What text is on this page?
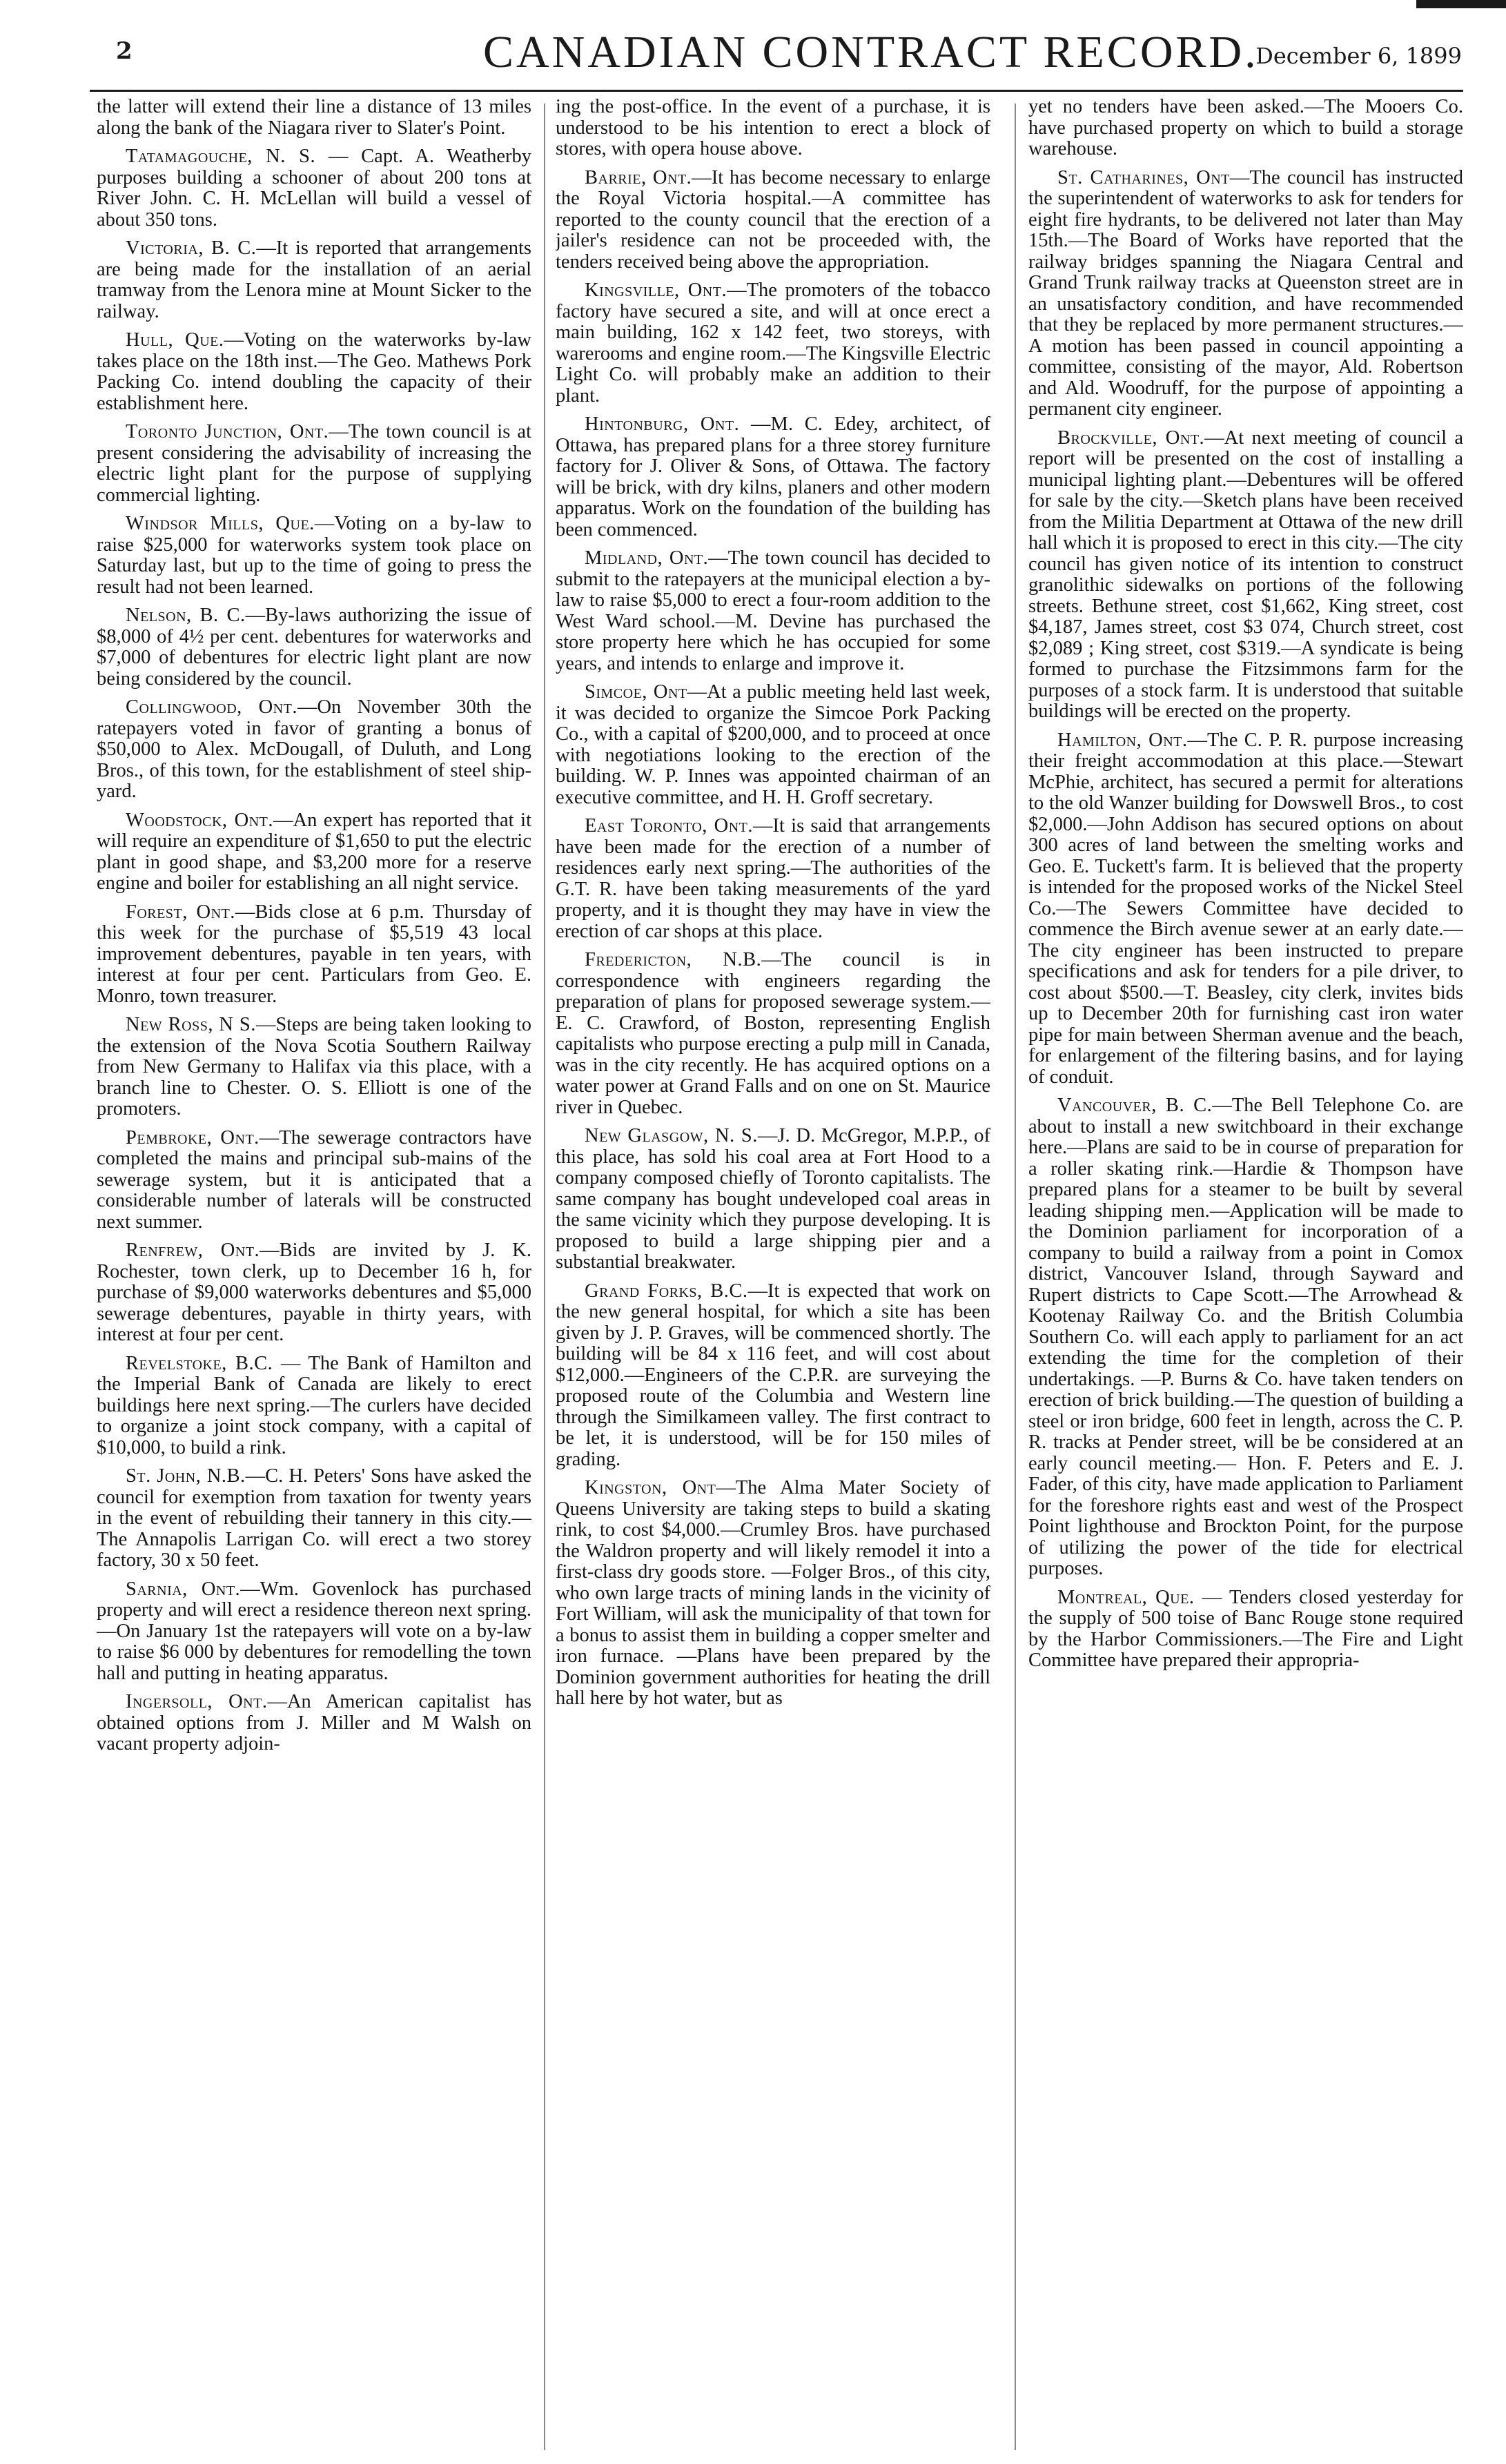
2	CANADIAN CONTRACT RECORD.
December 6, 1899

the latter will extend their line a distance of 13 miles along the bank of the Niagara river to Slater's Point.

Tatamagouche, N. S. — Capt. A. Weatherby purposes building a schooner of about 200 tons at River John. C. H. McLellan will build a vessel of about 350 tons.

Victoria, B. C.—It is reported that arrangements are being made for the installation of an aerial tramway from the Lenora mine at Mount Sicker to the railway.

Hull, Que.—Voting on the waterworks by-law takes place on the 18th inst.—The Geo. Mathews Pork Packing Co. intend doubling the capacity of their establishment here.

Toronto Junction, Ont.—The town council is at present considering the advisability of increasing the electric light plant for the purpose of supplying commercial lighting.

Windsor Mills, Que.—Voting on a by-law to raise $25,000 for waterworks system took place on Saturday last, but up to the time of going to press the result had not been learned.

Nelson, B. C.—By-laws authorizing the issue of $8,000 of 4½ per cent. debentures for waterworks and $7,000 of debentures for electric light plant are now being considered by the council.

Collingwood, Ont.—On November 30th the ratepayers voted in favor of granting a bonus of $50,000 to Alex. McDougall, of Duluth, and Long Bros., of this town, for the establishment of steel ship-yard.

Woodstock, Ont.—An expert has reported that it will require an expenditure of $1,650 to put the electric plant in good shape, and $3,200 more for a reserve engine and boiler for establishing an all night service.

Forest, Ont.—Bids close at 6 p.m. Thursday of this week for the purchase of $5,519 43 local improvement debentures, payable in ten years, with interest at four per cent. Particulars from Geo. E. Monro, town treasurer.

New Ross, N S.—Steps are being taken looking to the extension of the Nova Scotia Southern Railway from New Germany to Halifax via this place, with a branch line to Chester. O. S. Elliott is one of the promoters.

Pembroke, Ont.—The sewerage contractors have completed the mains and principal sub-mains of the sewerage system, but it is anticipated that a considerable number of laterals will be constructed next summer.

Renfrew, Ont.—Bids are invited by J. K. Rochester, town clerk, up to December 16 h, for purchase of $9,000 waterworks debentures and $5,000 sewerage debentures, payable in thirty years, with interest at four per cent.

Revelstoke, B.C. — The Bank of Hamilton and the Imperial Bank of Canada are likely to erect buildings here next spring.—The curlers have decided to organize a joint stock company, with a capital of $10,000, to build a rink.

St. John, N.B.—C. H. Peters' Sons have asked the council for exemption from taxation for twenty years in the event of rebuilding their tannery in this city.—The Annapolis Larrigan Co. will erect a two storey factory, 30 x 50 feet.

Sarnia, Ont.—Wm. Govenlock has purchased property and will erect a residence thereon next spring.—On January 1st the ratepayers will vote on a by-law to raise $6 000 by debentures for remodelling the town hall and putting in heating apparatus.

Ingersoll, Ont.—An American capitalist has obtained options from J. Miller and M Walsh on vacant property adjoin-

ing the post-office. In the event of a purchase, it is understood to be his intention to erect a block of stores, with opera house above.

Barrie, Ont.—It has become necessary to enlarge the Royal Victoria hospital.—A committee has reported to the county council that the erection of a jailer's residence can not be proceeded with, the tenders received being above the appropriation.

Kingsville, Ont.—The promoters of the tobacco factory have secured a site, and will at once erect a main building, 162 x 142 feet, two storeys, with warerooms and engine room.—The Kingsville Electric Light Co. will probably make an addition to their plant.

Hintonburg, Ont. —M. C. Edey, architect, of Ottawa, has prepared plans for a three storey furniture factory for J. Oliver & Sons, of Ottawa. The factory will be brick, with dry kilns, planers and other modern apparatus. Work on the foundation of the building has been commenced.

Midland, Ont.—The town council has decided to submit to the ratepayers at the municipal election a by-law to raise $5,000 to erect a four-room addition to the West Ward school.—M. Devine has purchased the store property here which he has occupied for some years, and intends to enlarge and improve it.

Simcoe, Ont—At a public meeting held last week, it was decided to organize the Simcoe Pork Packing Co., with a capital of $200,000, and to proceed at once with negotiations looking to the erection of the building. W. P. Innes was appointed chairman of an executive committee, and H. H. Groff secretary.

East Toronto, Ont.—It is said that arrangements have been made for the erection of a number of residences early next spring.—The authorities of the G.T. R. have been taking measurements of the yard property, and it is thought they may have in view the erection of car shops at this place.

Fredericton, N.B.—The council is in correspondence with engineers regarding the preparation of plans for proposed sewerage system.— E. C. Crawford, of Boston, representing English capitalists who purpose erecting a pulp mill in Canada, was in the city recently. He has acquired options on a water power at Grand Falls and on one on St. Maurice river in Quebec.

New Glasgow, N. S.—J. D. McGregor, M.P.P., of this place, has sold his coal area at Fort Hood to a company composed chiefly of Toronto capitalists. The same company has bought undeveloped coal areas in the same vicinity which they purpose developing. It is proposed to build a large shipping pier and a substantial breakwater.

Grand Forks, B.C.—It is expected that work on the new general hospital, for which a site has been given by J. P. Graves, will be commenced shortly. The building will be 84 x 116 feet, and will cost about $12,000.—Engineers of the C.P.R. are surveying the proposed route of the Columbia and Western line through the Similkameen valley. The first contract to be let, it is understood, will be for 150 miles of grading.

Kingston, Ont—The Alma Mater Society of Queens University are taking steps to build a skating rink, to cost $4,000.—Crumley Bros. have purchased the Waldron property and will likely remodel it into a first-class dry goods store. —Folger Bros., of this city, who own large tracts of mining lands in the vicinity of Fort William, will ask the municipality of that town for a bonus to assist them in building a copper smelter and iron furnace. —Plans have been prepared by the Dominion government authorities for heating the drill hall here by hot water, but as

yet no tenders have been asked.—The Mooers Co. have purchased property on which to build a storage warehouse.

St. Catharines, Ont—The council has instructed the superintendent of waterworks to ask for tenders for eight fire hydrants, to be delivered not later than May 15th.—The Board of Works have reported that the railway bridges spanning the Niagara Central and Grand Trunk railway tracks at Queenston street are in an unsatisfactory condition, and have recommended that they be replaced by more permanent structures.—A motion has been passed in council appointing a committee, consisting of the mayor, Ald. Robertson and Ald. Woodruff, for the purpose of appointing a permanent city engineer.

Brockville, Ont.—At next meeting of council a report will be presented on the cost of installing a municipal lighting plant.—Debentures will be offered for sale by the city.—Sketch plans have been received from the Militia Department at Ottawa of the new drill hall which it is proposed to erect in this city.—The city council has given notice of its intention to construct granolithic sidewalks on portions of the following streets. Bethune street, cost $1,662, King street, cost $4,187, James street, cost $3 074, Church street, cost $2,089 ; King street, cost $319.—A syndicate is being formed to purchase the Fitzsimmons farm for the purposes of a stock farm. It is understood that suitable buildings will be erected on the property.

Hamilton, Ont.—The C. P. R. purpose increasing their freight accommodation at this place.—Stewart McPhie, architect, has secured a permit for alterations to the old Wanzer building for Dowswell Bros., to cost $2,000.—John Addison has secured options on about 300 acres of land between the smelting works and Geo. E. Tuckett's farm. It is believed that the property is intended for the proposed works of the Nickel Steel Co.—The Sewers Committee have decided to commence the Birch avenue sewer at an early date.—The city engineer has been instructed to prepare specifications and ask for tenders for a pile driver, to cost about $500.—T. Beasley, city clerk, invites bids up to December 20th for furnishing cast iron water pipe for main between Sherman avenue and the beach, for enlargement of the filtering basins, and for laying of conduit.

Vancouver, B. C.—The Bell Telephone Co. are about to install a new switchboard in their exchange here.—Plans are said to be in course of preparation for a roller skating rink.—Hardie & Thompson have prepared plans for a steamer to be built by several leading shipping men.—Application will be made to the Dominion parliament for incorporation of a company to build a railway from a point in Comox district, Vancouver Island, through Sayward and Rupert districts to Cape Scott.—The Arrowhead & Kootenay Railway Co. and the British Columbia Southern Co. will each apply to parliament for an act extending the time for the completion of their undertakings. —P. Burns & Co. have taken tenders on erection of brick building.—The question of building a steel or iron bridge, 600 feet in length, across the C. P. R. tracks at Pender street, will be be considered at an early council meeting.— Hon. F. Peters and E. J. Fader, of this city, have made application to Parliament for the foreshore rights east and west of the Prospect Point lighthouse and Brockton Point, for the purpose of utilizing the power of the tide for electrical purposes.

Montreal, Que. — Tenders closed yesterday for the supply of 500 toise of Banc Rouge stone required by the Harbor Commissioners.—The Fire and Light Committee have prepared their appropria-
